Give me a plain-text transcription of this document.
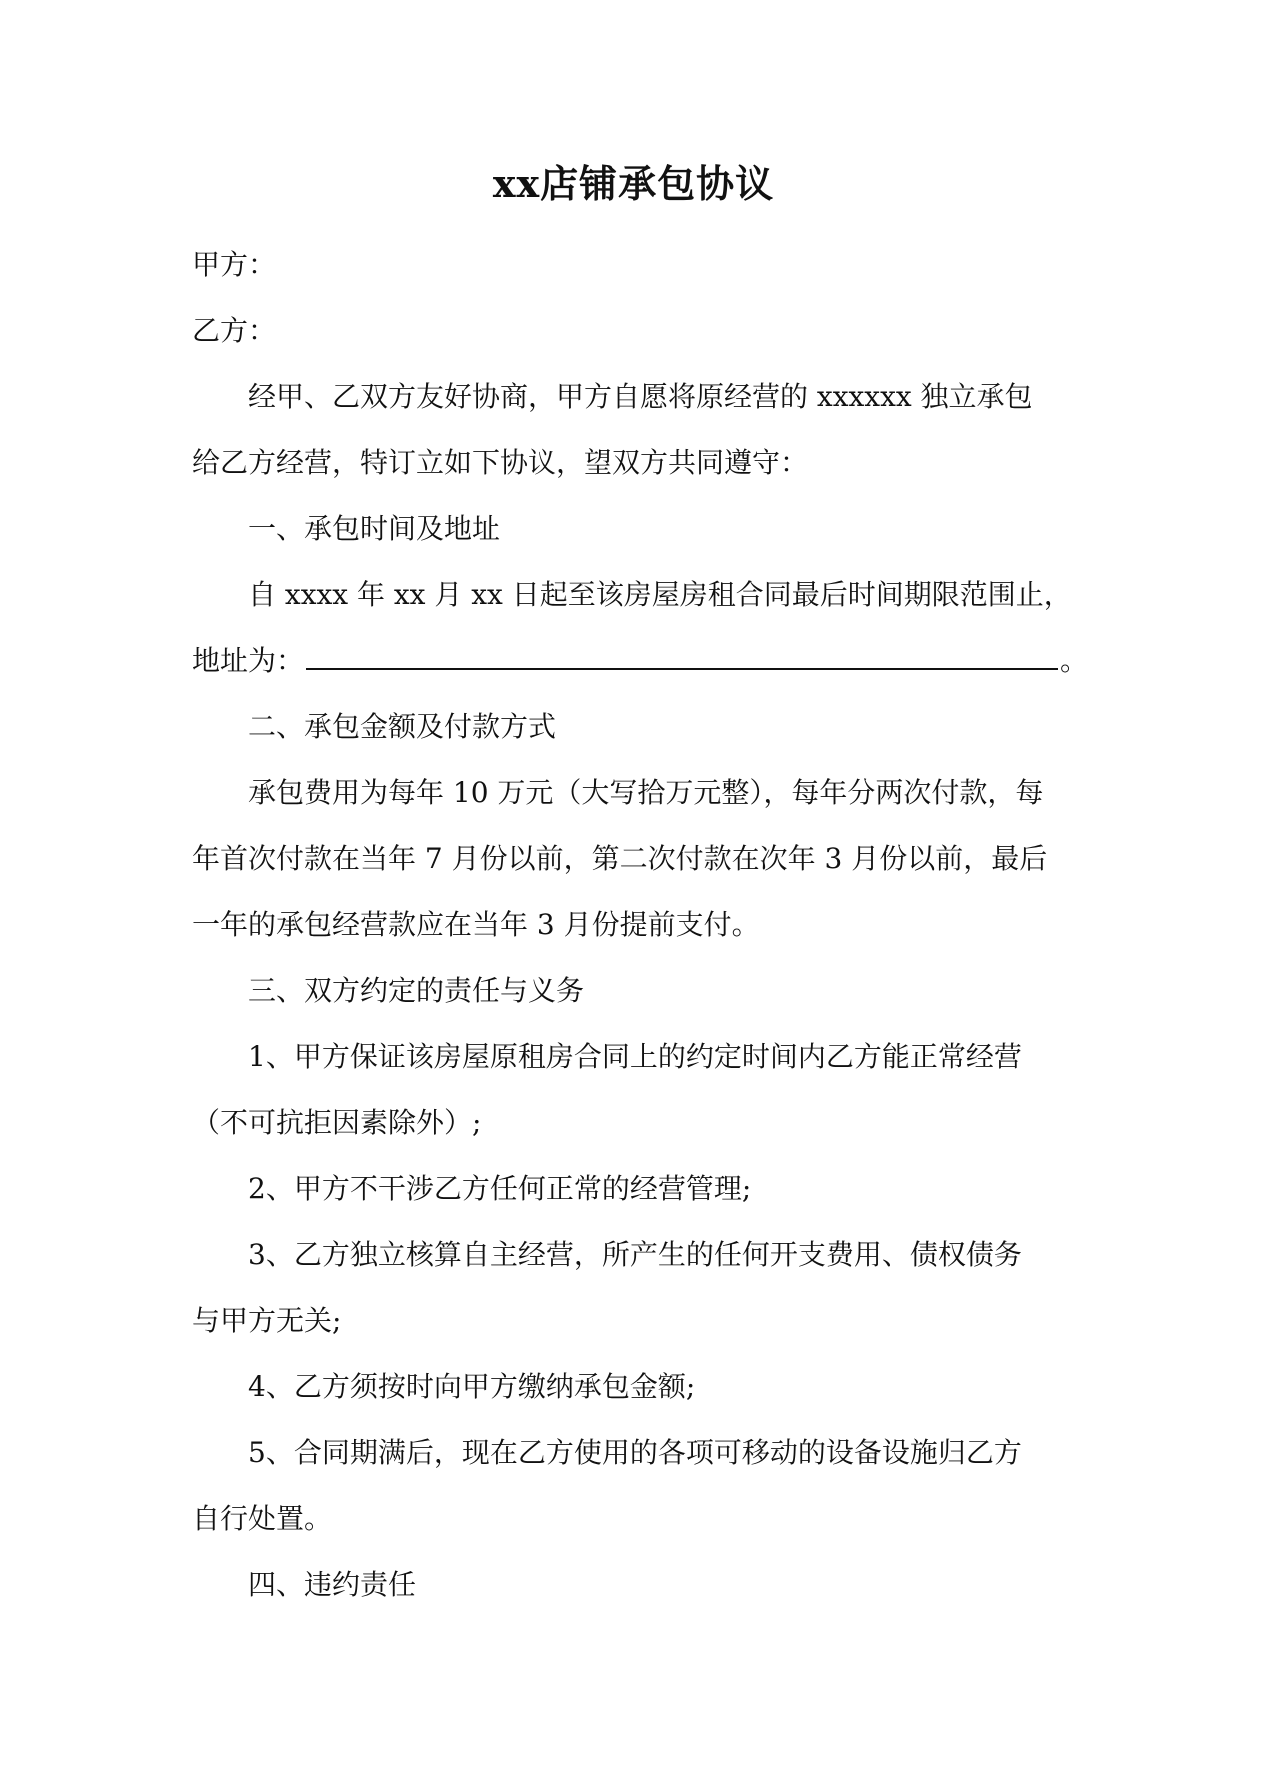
xx店铺承包协议
甲方：
乙方：
经甲、乙双方友好协商，甲方自愿将原经营的 xxxxxx 独立承包
给乙方经营，特订立如下协议，望双方共同遵守：
一、承包时间及地址
自 xxxx 年 xx 月 xx 日起至该房屋房租合同最后时间期限范围止，
地址为：	。
二、承包金额及付款方式
承包费用为每年 10 万元（大写拾万元整），每年分两次付款，每
年首次付款在当年 7 月份以前，第二次付款在次年 3 月份以前，最后
一年的承包经营款应在当年 3 月份提前支付。
三、双方约定的责任与义务
1、甲方保证该房屋原租房合同上的约定时间内乙方能正常经营
（不可抗拒因素除外）;
2、甲方不干涉乙方任何正常的经营管理;
3、乙方独立核算自主经营，所产生的任何开支费用、债权债务
与甲方无关;
4、乙方须按时向甲方缴纳承包金额;
5、合同期满后，现在乙方使用的各项可移动的设备设施归乙方
自行处置。
四、违约责任
